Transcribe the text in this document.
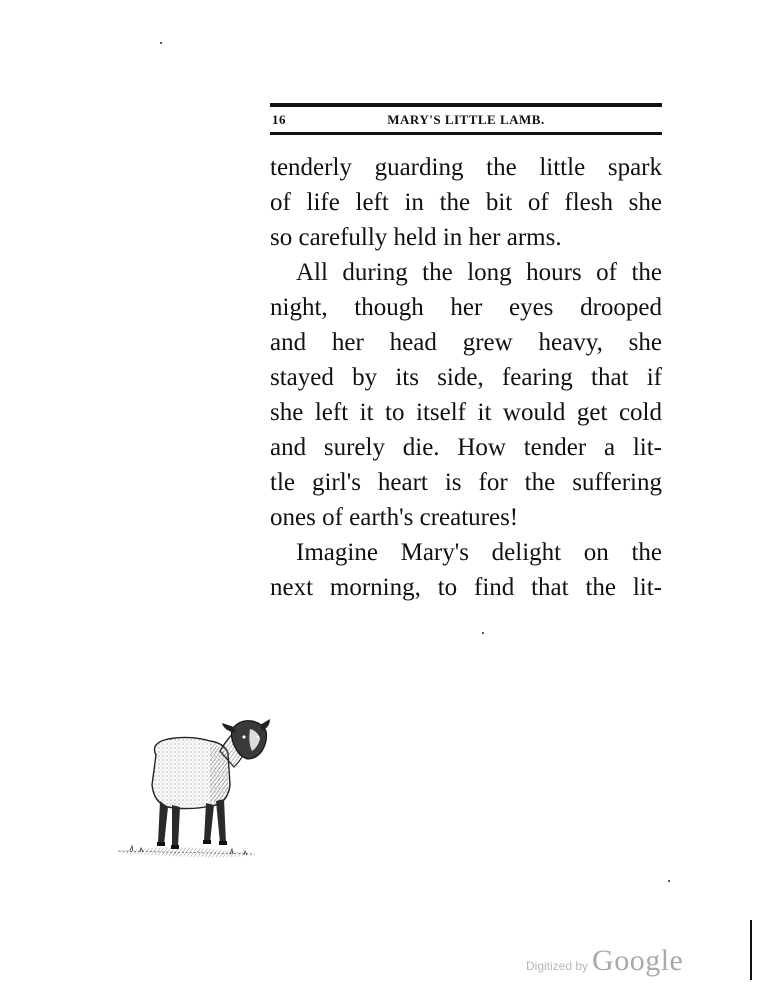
16	MARY'S LITTLE LAMB.
tenderly guarding the little spark
of life left in the bit of flesh she
so carefully held in her arms.
All during the long hours of the
night, though her eyes drooped
and her head grew heavy, she
stayed by its side, fearing that if
she left it to itself it would get cold
and surely die. How tender a lit-
tle girl's heart is for the suffering
ones of earth's creatures!
Imagine Mary's delight on the
next morning, to find that the lit-
Digitized by Google
